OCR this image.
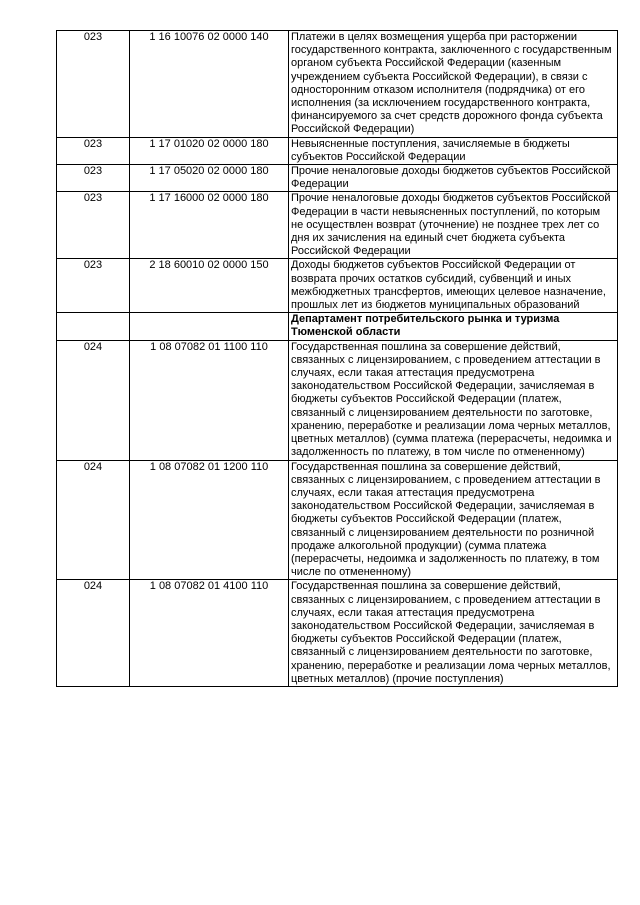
023	1 16 10076 02 0000 140	Платежи в целях возмещения ущерба при расторжении государственного контракта, заключенного с государственным органом субъекта Российской Федерации (казенным учреждением субъекта Российской Федерации), в связи с односторонним отказом исполнителя (подрядчика) от его исполнения (за исключением государственного контракта, финансируемого за счет средств дорожного фонда субъекта Российской Федерации)
023	1 17 01020 02 0000 180	Невыясненные поступления, зачисляемые в бюджеты субъектов Российской Федерации
023	1 17 05020 02 0000 180	Прочие неналоговые доходы бюджетов субъектов Российской Федерации
023	1 17 16000 02 0000 180	Прочие неналоговые доходы бюджетов субъектов Российской Федерации в части невыясненных поступлений, по которым не осуществлен возврат (уточнение) не позднее трех лет со дня их зачисления на единый счет бюджета субъекта Российской Федерации
023	2 18 60010 02 0000 150	Доходы бюджетов субъектов Российской Федерации от возврата прочих остатков субсидий, субвенций и иных межбюджетных трансфертов, имеющих целевое назначение, прошлых лет из бюджетов муниципальных образований
		Департамент потребительского рынка и туризма Тюменской области
024	1 08 07082 01 1100 110	Государственная пошлина за совершение действий, связанных с лицензированием, с проведением аттестации в случаях, если такая аттестация предусмотрена законодательством Российской Федерации, зачисляемая в бюджеты субъектов Российской Федерации (платеж, связанный с лицензированием деятельности по заготовке, хранению, переработке и реализации лома черных металлов, цветных металлов) (сумма платежа (перерасчеты, недоимка и задолженность по платежу, в том числе по отмененному)
024	1 08 07082 01 1200 110	Государственная пошлина за совершение действий, связанных с лицензированием, с проведением аттестации в случаях, если такая аттестация предусмотрена законодательством Российской Федерации, зачисляемая в бюджеты субъектов Российской Федерации (платеж, связанный с лицензированием деятельности по розничной продаже алкогольной продукции) (сумма платежа (перерасчеты, недоимка и задолженность по платежу, в том числе по отмененному)
024	1 08 07082 01 4100 110	Государственная пошлина за совершение действий, связанных с лицензированием, с проведением аттестации в случаях, если такая аттестация предусмотрена законодательством Российской Федерации, зачисляемая в бюджеты субъектов Российской Федерации (платеж, связанный с лицензированием деятельности по заготовке, хранению, переработке и реализации лома черных металлов, цветных металлов) (прочие поступления)
